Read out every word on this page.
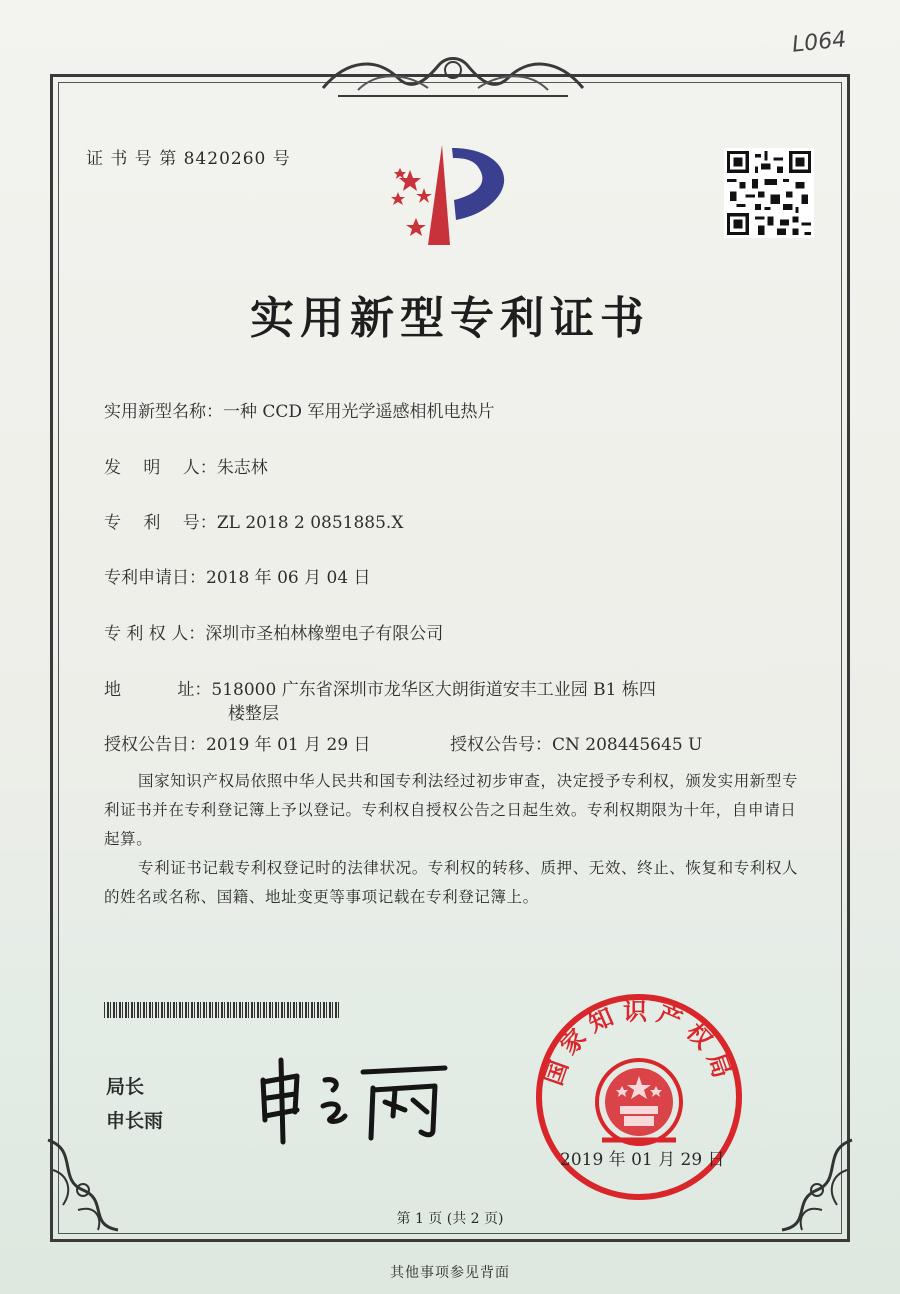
L064
证 书 号 第 8420260 号
实用新型专利证书
实用新型名称：一种 CCD 军用光学遥感相机电热片
发　 明　 人：朱志林
专　 利　 号：ZL 2018 2 0851885.X
专利申请日：2018 年 06 月 04 日
专 利 权 人：深圳市圣柏林橡塑电子有限公司
地　　　 址：518000 广东省深圳市龙华区大朗街道安丰工业园 B1 栋四
楼整层
授权公告日：2019 年 01 月 29 日	授权公告号：CN 208445645 U
国家知识产权局依照中华人民共和国专利法经过初步审查，决定授予专利权，颁发实用新型专利证书并在专利登记簿上予以登记。专利权自授权公告之日起生效。专利权期限为十年，自申请日起算。
专利证书记载专利权登记时的法律状况。专利权的转移、质押、无效、终止、恢复和专利权人的姓名或名称、国籍、地址变更等事项记载在专利登记簿上。
局长
申长雨
国家知识产权局
2019 年 01 月 29 日
第 1 页 (共 2 页)
其他事项参见背面
